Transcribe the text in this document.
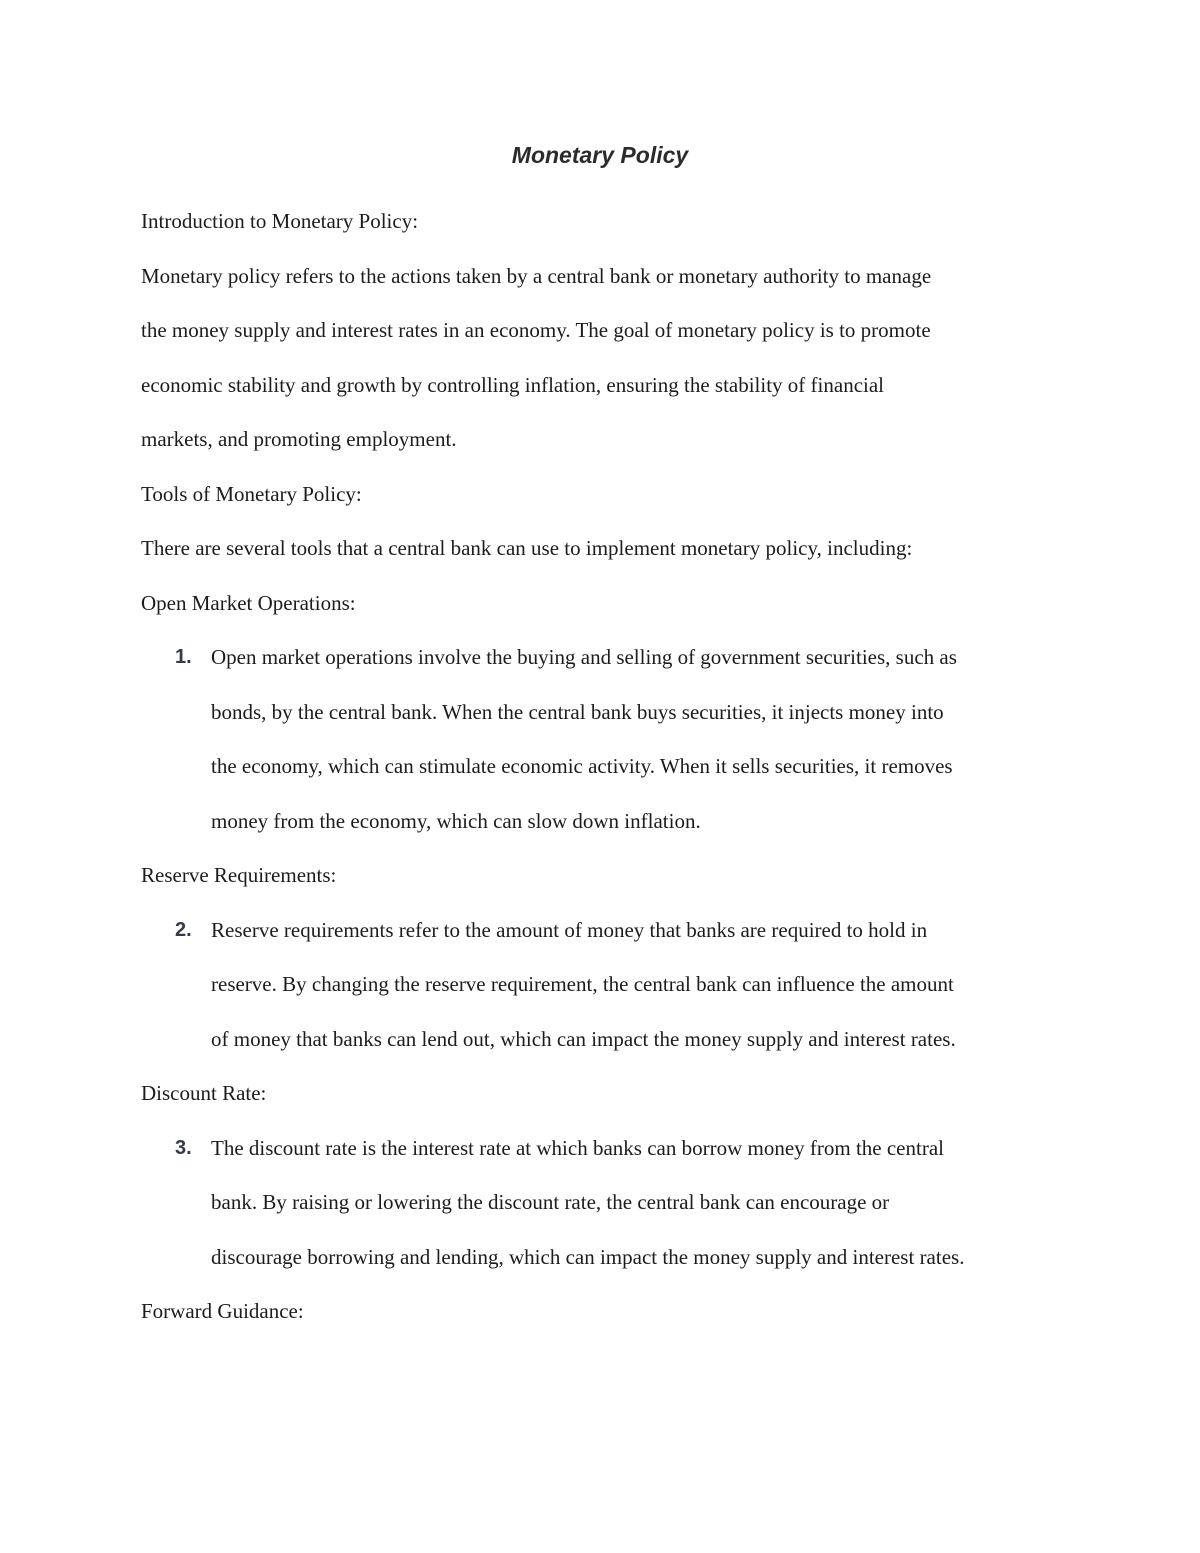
Monetary Policy

Introduction to Monetary Policy:

Monetary policy refers to the actions taken by a central bank or monetary authority to manage

the money supply and interest rates in an economy. The goal of monetary policy is to promote

economic stability and growth by controlling inflation, ensuring the stability of financial

markets, and promoting employment.

Tools of Monetary Policy:

There are several tools that a central bank can use to implement monetary policy, including:

Open Market Operations:

1. Open market operations involve the buying and selling of government securities, such as

bonds, by the central bank. When the central bank buys securities, it injects money into

the economy, which can stimulate economic activity. When it sells securities, it removes

money from the economy, which can slow down inflation.

Reserve Requirements:

2. Reserve requirements refer to the amount of money that banks are required to hold in

reserve. By changing the reserve requirement, the central bank can influence the amount

of money that banks can lend out, which can impact the money supply and interest rates.

Discount Rate:

3. The discount rate is the interest rate at which banks can borrow money from the central

bank. By raising or lowering the discount rate, the central bank can encourage or

discourage borrowing and lending, which can impact the money supply and interest rates.

Forward Guidance:
